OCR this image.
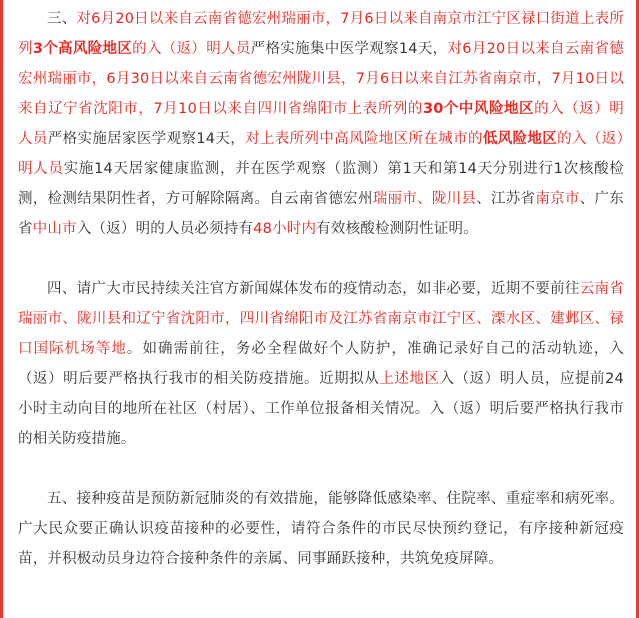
三、对6月20日以来自云南省德宏州瑞丽市，7月6日以来自南京市江宁区禄口街道上表所列3个高风险地区的入（返）明人员严格实施集中医学观察14天，对6月20日以来自云南省德宏州瑞丽市，6月30日以来自云南省德宏州陇川县，7月6日以来自江苏省南京市，7月10日以来自辽宁省沈阳市，7月10日以来自四川省绵阳市上表所列的30个中风险地区的入（返）明人员严格实施居家医学观察14天，对上表所列中高风险地区所在城市的低风险地区的入（返）明人员实施14天居家健康监测，并在医学观察（监测）第1天和第14天分别进行1次核酸检测，检测结果阴性者，方可解除隔离。自云南省德宏州瑞丽市、陇川县、江苏省南京市、广东省中山市入（返）明的人员必须持有48小时内有效核酸检测阴性证明。

四、请广大市民持续关注官方新闻媒体发布的疫情动态，如非必要，近期不要前往云南省瑞丽市、陇川县和辽宁省沈阳市，四川省绵阳市及江苏省南京市江宁区、溧水区、建邺区、禄口国际机场等地。如确需前往，务必全程做好个人防护，准确记录好自己的活动轨迹，入（返）明后要严格执行我市的相关防疫措施。近期拟从上述地区入（返）明人员，应提前24小时主动向目的地所在社区（村居）、工作单位报备相关情况。入（返）明后要严格执行我市的相关防疫措施。

五、接种疫苗是预防新冠肺炎的有效措施，能够降低感染率、住院率、重症率和病死率。广大民众要正确认识疫苗接种的必要性，请符合条件的市民尽快预约登记，有序接种新冠疫苗，并积极动员身边符合接种条件的亲属、同事踊跃接种，共筑免疫屏障。
